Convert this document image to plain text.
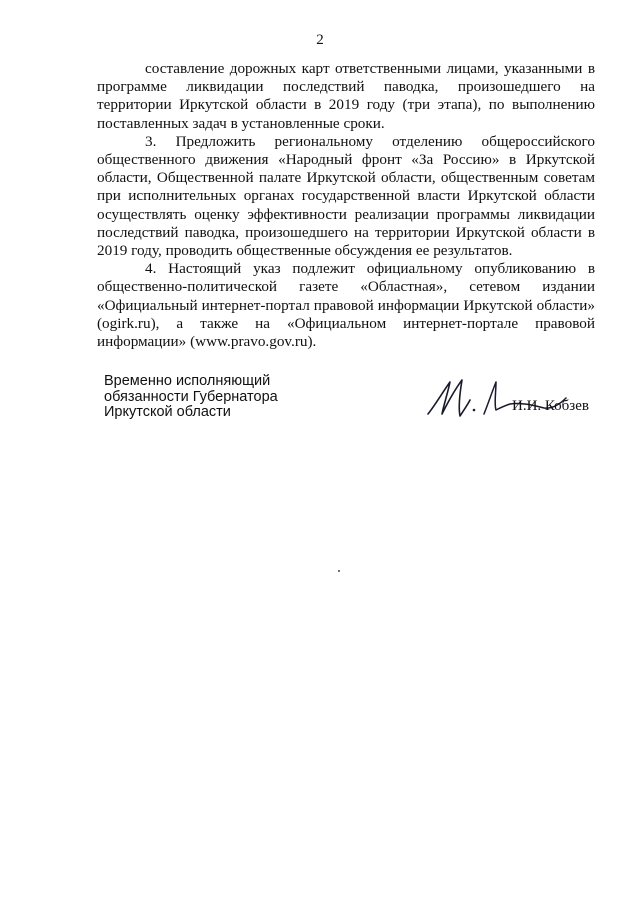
2

составление дорожных карт ответственными лицами, указанными в программе ликвидации последствий паводка, произошедшего на территории Иркутской области в 2019 году (три этапа), по выполнению поставленных задач в установленные сроки.

3. Предложить региональному отделению общероссийского общественного движения «Народный фронт «За Россию» в Иркутской области, Общественной палате Иркутской области, общественным советам при исполнительных органах государственной власти Иркутской области осуществлять оценку эффективности реализации программы ликвидации последствий паводка, произошедшего на территории Иркутской области в 2019 году, проводить общественные обсуждения ее результатов.

4. Настоящий указ подлежит официальному опубликованию в общественно-политической газете «Областная», сетевом издании «Официальный интернет-портал правовой информации Иркутской области» (ogirk.ru), а также на «Официальном интернет-портале правовой информации» (www.pravo.gov.ru).

Временно исполняющий
обязанности Губернатора
Иркутской области	И.И. Кобзев
